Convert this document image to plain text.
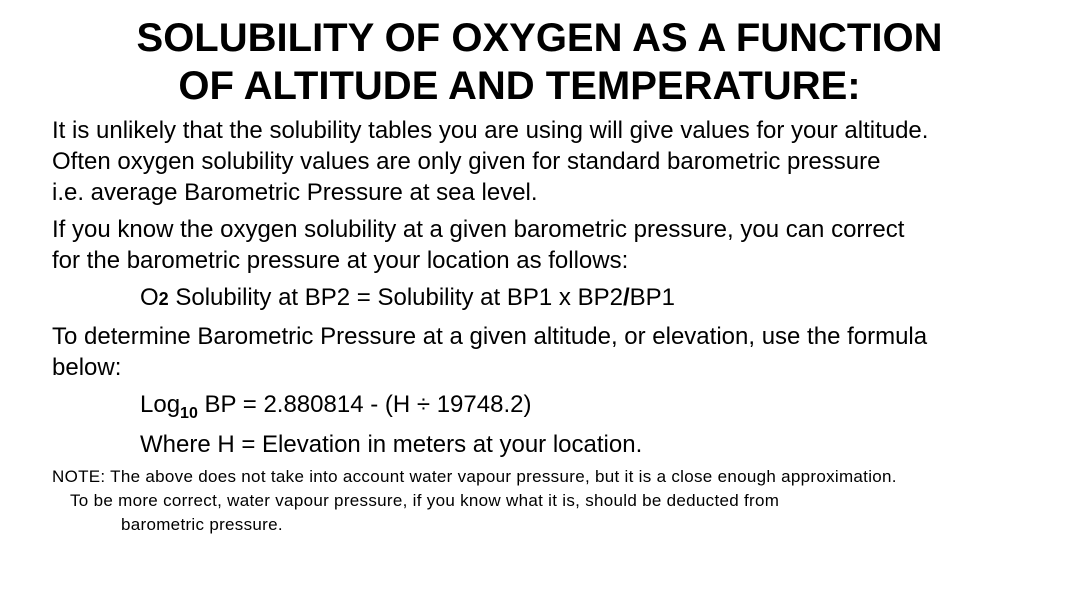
SOLUBILITY OF OXYGEN AS A FUNCTION
OF ALTITUDE AND TEMPERATURE:
It is unlikely that the solubility tables you are using will give values for your altitude.
Often oxygen solubility values are only given for standard barometric pressure
i.e. average Barometric Pressure at sea level.
If you know the oxygen solubility at a given barometric pressure, you can correct
for the barometric pressure at your location as follows:
O2 Solubility at BP2 = Solubility at BP1 x BP2/BP1
To determine Barometric Pressure at a given altitude, or elevation, use the formula
below:
Log$_{10}$ BP = 2.880814 - (H ÷ 19748.2)
Where H = Elevation in meters at your location.
NOTE: The above does not take into account water vapour pressure, but it is a close enough approximation.
To be more correct, water vapour pressure, if you know what it is, should be deducted from
barometric pressure.
